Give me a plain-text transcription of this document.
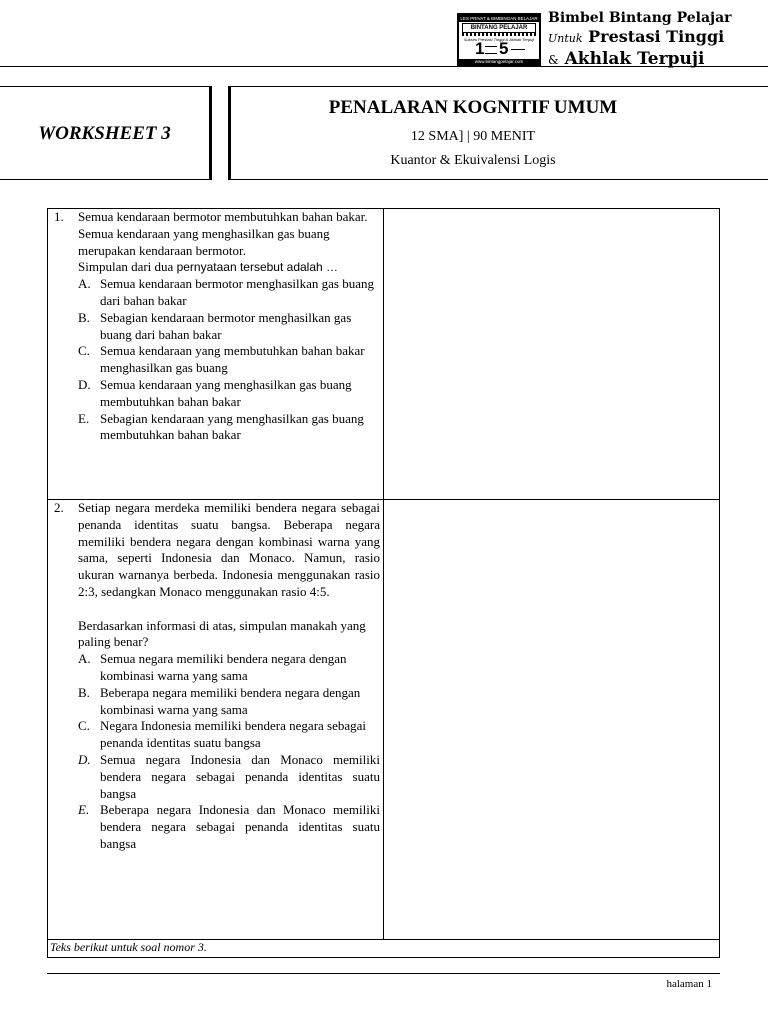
LES PRIVAT & BIMBINGAN BELAJAR
BINTANG PELAJAR
Sukses Prestasi Tinggi & Akhlak Terpuji
1 5
www.bintangpelajar.com
Bimbel Bintang Pelajar
Untuk Prestasi Tinggi
& Akhlak Terpuji
WORKSHEET 3
PENALARAN KOGNITIF UMUM
12 SMA] | 90 MENIT
Kuantor & Ekuivalensi Logis
1. Semua kendaraan bermotor membutuhkan bahan bakar.

Semua kendaraan yang menghasilkan gas buang merupakan kendaraan bermotor.

Simpulan dari dua pernyataan tersebut adalah …

A. Semua kendaraan bermotor menghasilkan gas buang dari bahan bakar
B. Sebagian kendaraan bermotor menghasilkan gas buang dari bahan bakar
C. Semua kendaraan yang membutuhkan bahan bakar menghasilkan gas buang
D. Semua kendaraan yang menghasilkan gas buang membutuhkan bahan bakar
E. Sebagian kendaraan yang menghasilkan gas buang membutuhkan bahan bakar
2. Setiap negara merdeka memiliki bendera negara sebagai penanda identitas suatu bangsa. Beberapa negara memiliki bendera negara dengan kombinasi warna yang sama, seperti Indonesia dan Monaco. Namun, rasio ukuran warnanya berbeda. Indonesia menggunakan rasio 2:3, sedangkan Monaco menggunakan rasio 4:5.

Berdasarkan informasi di atas, simpulan manakah yang paling benar?

A. Semua negara memiliki bendera negara dengan kombinasi warna yang sama
B. Beberapa negara memiliki bendera negara dengan kombinasi warna yang sama
C. Negara Indonesia memiliki bendera negara sebagai penanda identitas suatu bangsa
D. Semua negara Indonesia dan Monaco memiliki bendera negara sebagai penanda identitas suatu bangsa
E. Beberapa negara Indonesia dan Monaco memiliki bendera negara sebagai penanda identitas suatu bangsa
Teks berikut untuk soal nomor 3.
halaman 1
